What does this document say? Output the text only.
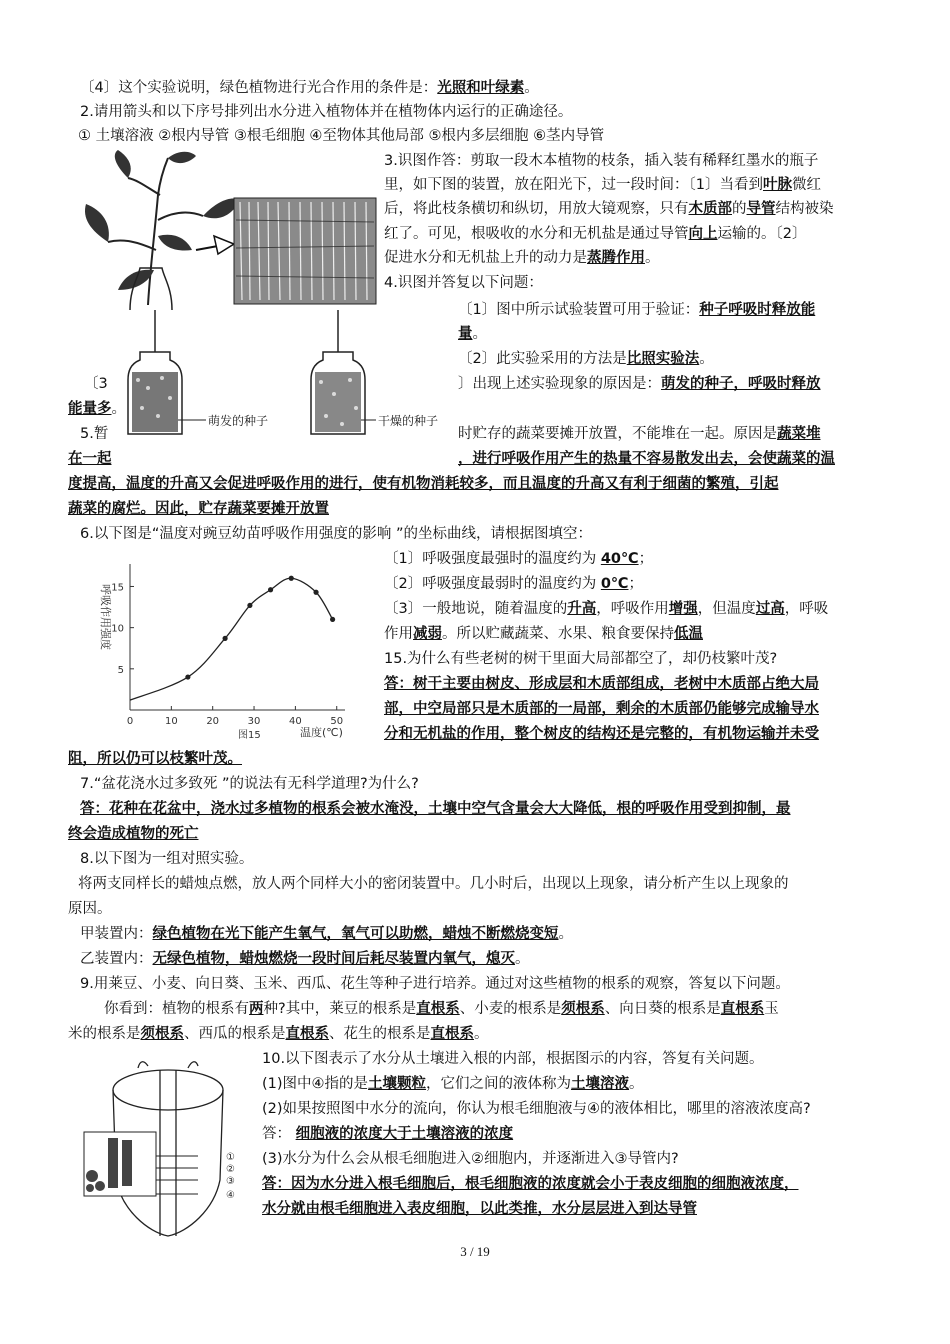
〔4〕这个实验说明，绿色植物进行光合作用的条件是：光照和叶绿素。
2.请用箭头和以下序号排列出水分进入植物体并在植物体内运行的正确途径。
① 土壤溶液 ②根内导管 ③根毛细胞 ④至物体其他局部 ⑤根内多层细胞 ⑥茎内导管
3.识图作答：剪取一段木本植物的枝条，插入装有稀释红墨水的瓶子
里，如下图的装置，放在阳光下，过一段时间：〔1〕当看到叶脉微红
后，将此枝条横切和纵切，用放大镜观察，只有木质部的导管结构被染
红了。可见，根吸收的水分和无机盐是通过导管向上运输的。〔2〕
促进水分和无机盐上升的动力是蒸腾作用。
4.识图并答复以下问题：
〔1〕图中所示试验装置可用于验证：种子呼吸时释放能
量。
〔2〕此实验采用的方法是比照实验法。
〔3	〕出现上述实验现象的原因是：萌发的种子，呼吸时释放
能量多。
5.暂	时贮存的蔬菜要摊开放置，不能堆在一起。原因是蔬菜堆
在一起	，进行呼吸作用产生的热量不容易散发出去，会使蔬菜的温
度提高，温度的升高又会促进呼吸作用的进行，使有机物消耗较多，而且温度的升高又有利于细菌的繁殖，引起
蔬菜的腐烂。因此，贮存蔬菜要摊开放置
6.以下图是“温度对豌豆幼苗呼吸作用强度的影响 ”的坐标曲线，请根据图填空：
〔1〕呼吸强度最强时的温度约为 40℃；
〔2〕呼吸强度最弱时的温度约为 0℃；
〔3〕一般地说，随着温度的升高，呼吸作用增强，但温度过高，呼吸
作用减弱。所以贮藏蔬菜、水果、粮食要保持低温
15.为什么有些老树的树干里面大局部都空了，却仍枝繁叶茂?
答：树干主要由树皮、形成层和木质部组成，老树中木质部占绝大局
部，中空局部只是木质部的一局部，剩余的木质部仍能够完成输导水
分和无机盐的作用，整个树皮的结构还是完整的，有机物运输并未受
阻，所以仍可以枝繁叶茂。
7.“盆花浇水过多致死 ”的说法有无科学道理?为什么?
答：花种在花盆中，浇水过多植物的根系会被水淹没，土壤中空气含量会大大降低，根的呼吸作用受到抑制，最
终会造成植物的死亡
8.以下图为一组对照实验。
将两支同样长的蜡烛点燃，放人两个同样大小的密闭装置中。几小时后，出现以上现象，请分析产生以上现象的
原因。
甲装置内：绿色植物在光下能产生氧气，氧气可以助燃，蜡烛不断燃烧变短。
乙装置内：无绿色植物，蜡烛燃烧一段时间后耗尽装置内氧气，熄灭。
9.用莱豆、小麦、向日葵、玉米、西瓜、花生等种子进行培养。通过对这些植物的根系的观察，答复以下问题。
你看到：植物的根系有两种?其中，莱豆的根系是直根系、小麦的根系是须根系、向日葵的根系是直根系玉
米的根系是须根系、西瓜的根系是直根系、花生的根系是直根系。
10.以下图表示了水分从土壤进入根的内部，根据图示的内容，答复有关问题。
(1)图中④指的是土壤颗粒，它们之间的液体称为土壤溶液。
(2)如果按照图中水分的流向，你认为根毛细胞液与④的液体相比，哪里的溶液浓度高?
答： 细胞液的浓度大于土壤溶液的浓度
(3)水分为什么会从根毛细胞进入②细胞内，并逐渐进入③导管内?
答：因为水分进入根毛细胞后，根毛细胞液的浓度就会小于表皮细胞的细胞液浓度，
水分就由根毛细胞进入表皮细胞，以此类推，水分层层进入到达导管
萌发的种子	干燥的种子
呼吸作用强度
0	10	20	30	40	50
5
10
15
温度(℃)
图15
①
②
③
④
3 / 19
